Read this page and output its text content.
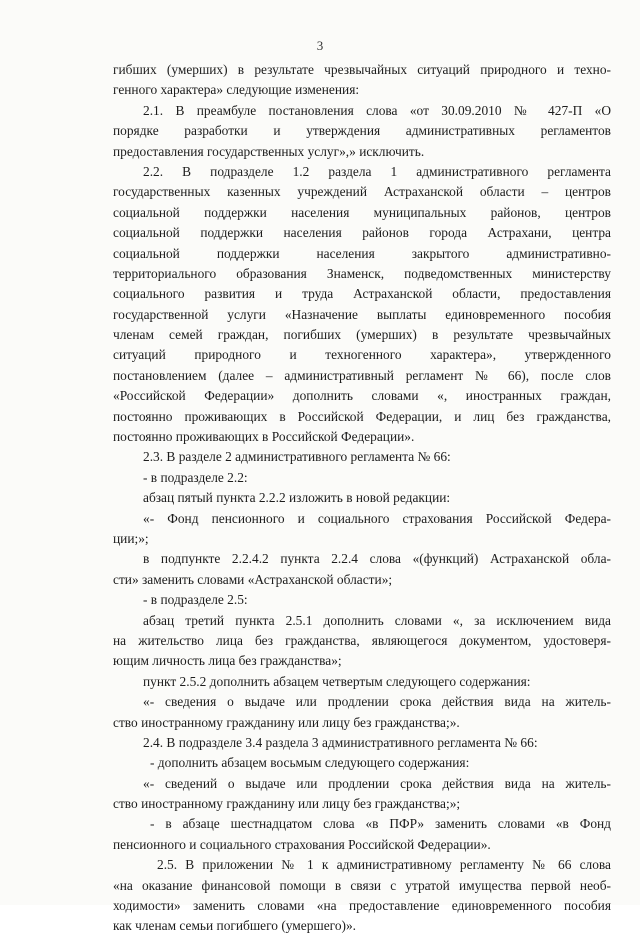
3
гибших (умерших) в результате чрезвычайных ситуаций природного и техно-
генного характера» следующие изменения:
2.1. В преамбуле постановления слова «от 30.09.2010 № 427-П «О
порядке разработки и утверждения административных регламентов
предоставления государственных услуг»,» исключить.
2.2. В подразделе 1.2 раздела 1 административного регламента
государственных казенных учреждений Астраханской области – центров
социальной поддержки населения муниципальных районов, центров
социальной поддержки населения районов города Астрахани, центра
социальной поддержки населения закрытого административно-
территориального образования Знаменск, подведомственных министерству
социального развития и труда Астраханской области, предоставления
государственной услуги «Назначение выплаты единовременного пособия
членам семей граждан, погибших (умерших) в результате чрезвычайных
ситуаций природного и техногенного характера», утвержденного
постановлением (далее – административный регламент № 66), после слов
«Российской Федерации» дополнить словами «, иностранных граждан,
постоянно проживающих в Российской Федерации, и лиц без гражданства,
постоянно проживающих в Российской Федерации».
2.3. В разделе 2 административного регламента № 66:
- в подразделе 2.2:
абзац пятый пункта 2.2.2 изложить в новой редакции:
«- Фонд пенсионного и социального страхования Российской Федера-
ции;»;
в подпункте 2.2.4.2 пункта 2.2.4 слова «(функций) Астраханской обла-
сти» заменить словами «Астраханской области»;
- в подразделе 2.5:
абзац третий пункта 2.5.1 дополнить словами «, за исключением вида
на жительство лица без гражданства, являющегося документом, удостоверя-
ющим личность лица без гражданства»;
пункт 2.5.2 дополнить абзацем четвертым следующего содержания:
«- сведения о выдаче или продлении срока действия вида на житель-
ство иностранному гражданину или лицу без гражданства;».
2.4. В подразделе 3.4 раздела 3 административного регламента № 66:
- дополнить абзацем восьмым следующего содержания:
«- сведений о выдаче или продлении срока действия вида на житель-
ство иностранному гражданину или лицу без гражданства;»;
- в абзаце шестнадцатом слова «в ПФР» заменить словами «в Фонд
пенсионного и социального страхования Российской Федерации».
2.5. В приложении № 1 к административному регламенту № 66 слова
«на оказание финансовой помощи в связи с утратой имущества первой необ-
ходимости» заменить словами «на предоставление единовременного пособия
как членам семьи погибшего (умершего)».
